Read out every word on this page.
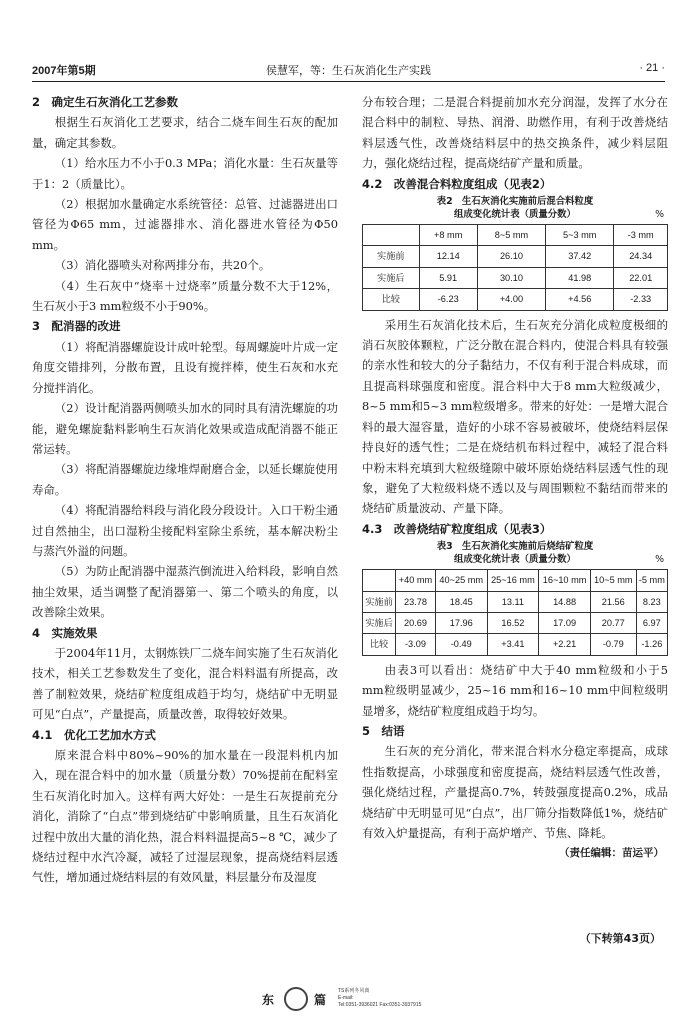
2007年第5期	侯慧军，等：生石灰消化生产实践	· 21 ·
2　确定生石灰消化工艺参数

根据生石灰消化工艺要求，结合二烧车间生石灰的配加量，确定其参数。

（1）给水压力不小于0.3 MPa；消化水量：生石灰量等于1：2（质量比）。

（2）根据加水量确定水系统管径：总管、过滤器进出口管径为Φ65 mm，过滤器排水、消化器进水管径为Φ50 mm。

（3）消化器喷头对称两排分布，共20个。

（4）生石灰中“烧率＋过烧率”质量分数不大于12%，生石灰小于3 mm粒级不小于90%。

3　配消器的改进

（1）将配消器螺旋设计成叶轮型。每周螺旋叶片成一定角度交错排列，分散布置，且设有搅拌棒，使生石灰和水充分搅拌消化。

（2）设计配消器两侧喷头加水的同时具有清洗螺旋的功能，避免螺旋黏料影响生石灰消化效果或造成配消器不能正常运转。

（3）将配消器螺旋边缘堆焊耐磨合金，以延长螺旋使用寿命。

（4）将配消器给料段与消化段分段设计。入口干粉尘通过自然抽尘，出口湿粉尘接配料室除尘系统，基本解决粉尘与蒸汽外溢的问题。

（5）为防止配消器中湿蒸汽倒流进入给料段，影响自然抽尘效果，适当调整了配消器第一、第二个喷头的角度，以改善除尘效果。

4　实施效果

于2004年11月，太钢炼铁厂二烧车间实施了生石灰消化技术，相关工艺参数发生了变化，混合料料温有所提高，改善了制粒效果，烧结矿粒度组成趋于均匀，烧结矿中无明显可见“白点”，产量提高，质量改善，取得较好效果。

4.1　优化工艺加水方式

原来混合料中80%~90%的加水量在一段混料机内加入，现在混合料中的加水量（质量分数）70%提前在配料室生石灰消化时加入。这样有两大好处：一是生石灰提前充分消化，消除了“白点”带到烧结矿中影响质量，且生石灰消化过程中放出大量的消化热，混合料料温提高5~8 ℃，减少了烧结过程中水汽冷凝，减轻了过湿层现象，提高烧结料层透气性，增加通过烧结料层的有效风量，料层量分布及湿度

分布较合理；二是混合料提前加水充分润湿，发挥了水分在混合料中的制粒、导热、润滑、助燃作用，有利于改善烧结料层透气性，改善烧结料层中的热交换条件，减少料层阻力，强化烧结过程，提高烧结矿产量和质量。

4.2　改善混合料粒度组成（见表2）
表2　生石灰消化实施前后混合料粒度
组成变化统计表（质量分数）	%
	+8 mm	8~5 mm	5~3 mm	-3 mm
实施前	12.14	26.10	37.42	24.34
实施后	5.91	30.10	41.98	22.01
比较	-6.23	+4.00	+4.56	-2.33

采用生石灰消化技术后，生石灰充分消化成粒度极细的消石灰胶体颗粒，广泛分散在混合料内，使混合料具有较强的亲水性和较大的分子黏结力，不仅有利于混合料成球，而且提高料球强度和密度。混合料中大于8 mm大粒级减少，8~5 mm和5~3 mm粒级增多。带来的好处：一是增大混合料的最大湿容量，造好的小球不容易被破坏，使烧结料层保持良好的透气性；二是在烧结机布料过程中，减轻了混合料中粉末料充填到大粒级缝隙中破坏原始烧结料层透气性的现象，避免了大粒级料烧不透以及与周围颗粒不黏结而带来的烧结矿质量波动、产量下降。

4.3　改善烧结矿粒度组成（见表3）
表3　生石灰消化实施前后烧结矿粒度
组成变化统计表（质量分数）	%
	+40 mm	40~25 mm	25~16 mm	16~10 mm	10~5 mm	-5 mm
实施前	23.78	18.45	13.11	14.88	21.56	8.23
实施后	20.69	17.96	16.52	17.09	20.77	6.97
比较	-3.09	-0.49	+3.41	+2.21	-0.79	-1.26

由表3可以看出：烧结矿中大于40 mm粒级和小于5 mm粒级明显减少，25~16 mm和16~10 mm中间粒级明显增多，烧结矿粒度组成趋于均匀。

5　结语

生石灰的充分消化，带来混合料水分稳定率提高，成球性指数提高，小球强度和密度提高，烧结料层透气性改善，强化烧结过程，产量提高0.7%，转鼓强度提高0.2%，成品烧结矿中无明显可见“白点”，出厂筛分指数降低1%，烧结矿有效入炉量提高，有利于高炉增产、节焦、降耗。

（责任编辑：苗运平）
（下转第43页）
东	篇
TS系列冬风离
E-mail:
Tel:0351-3936021 Fax:0351-3937915
